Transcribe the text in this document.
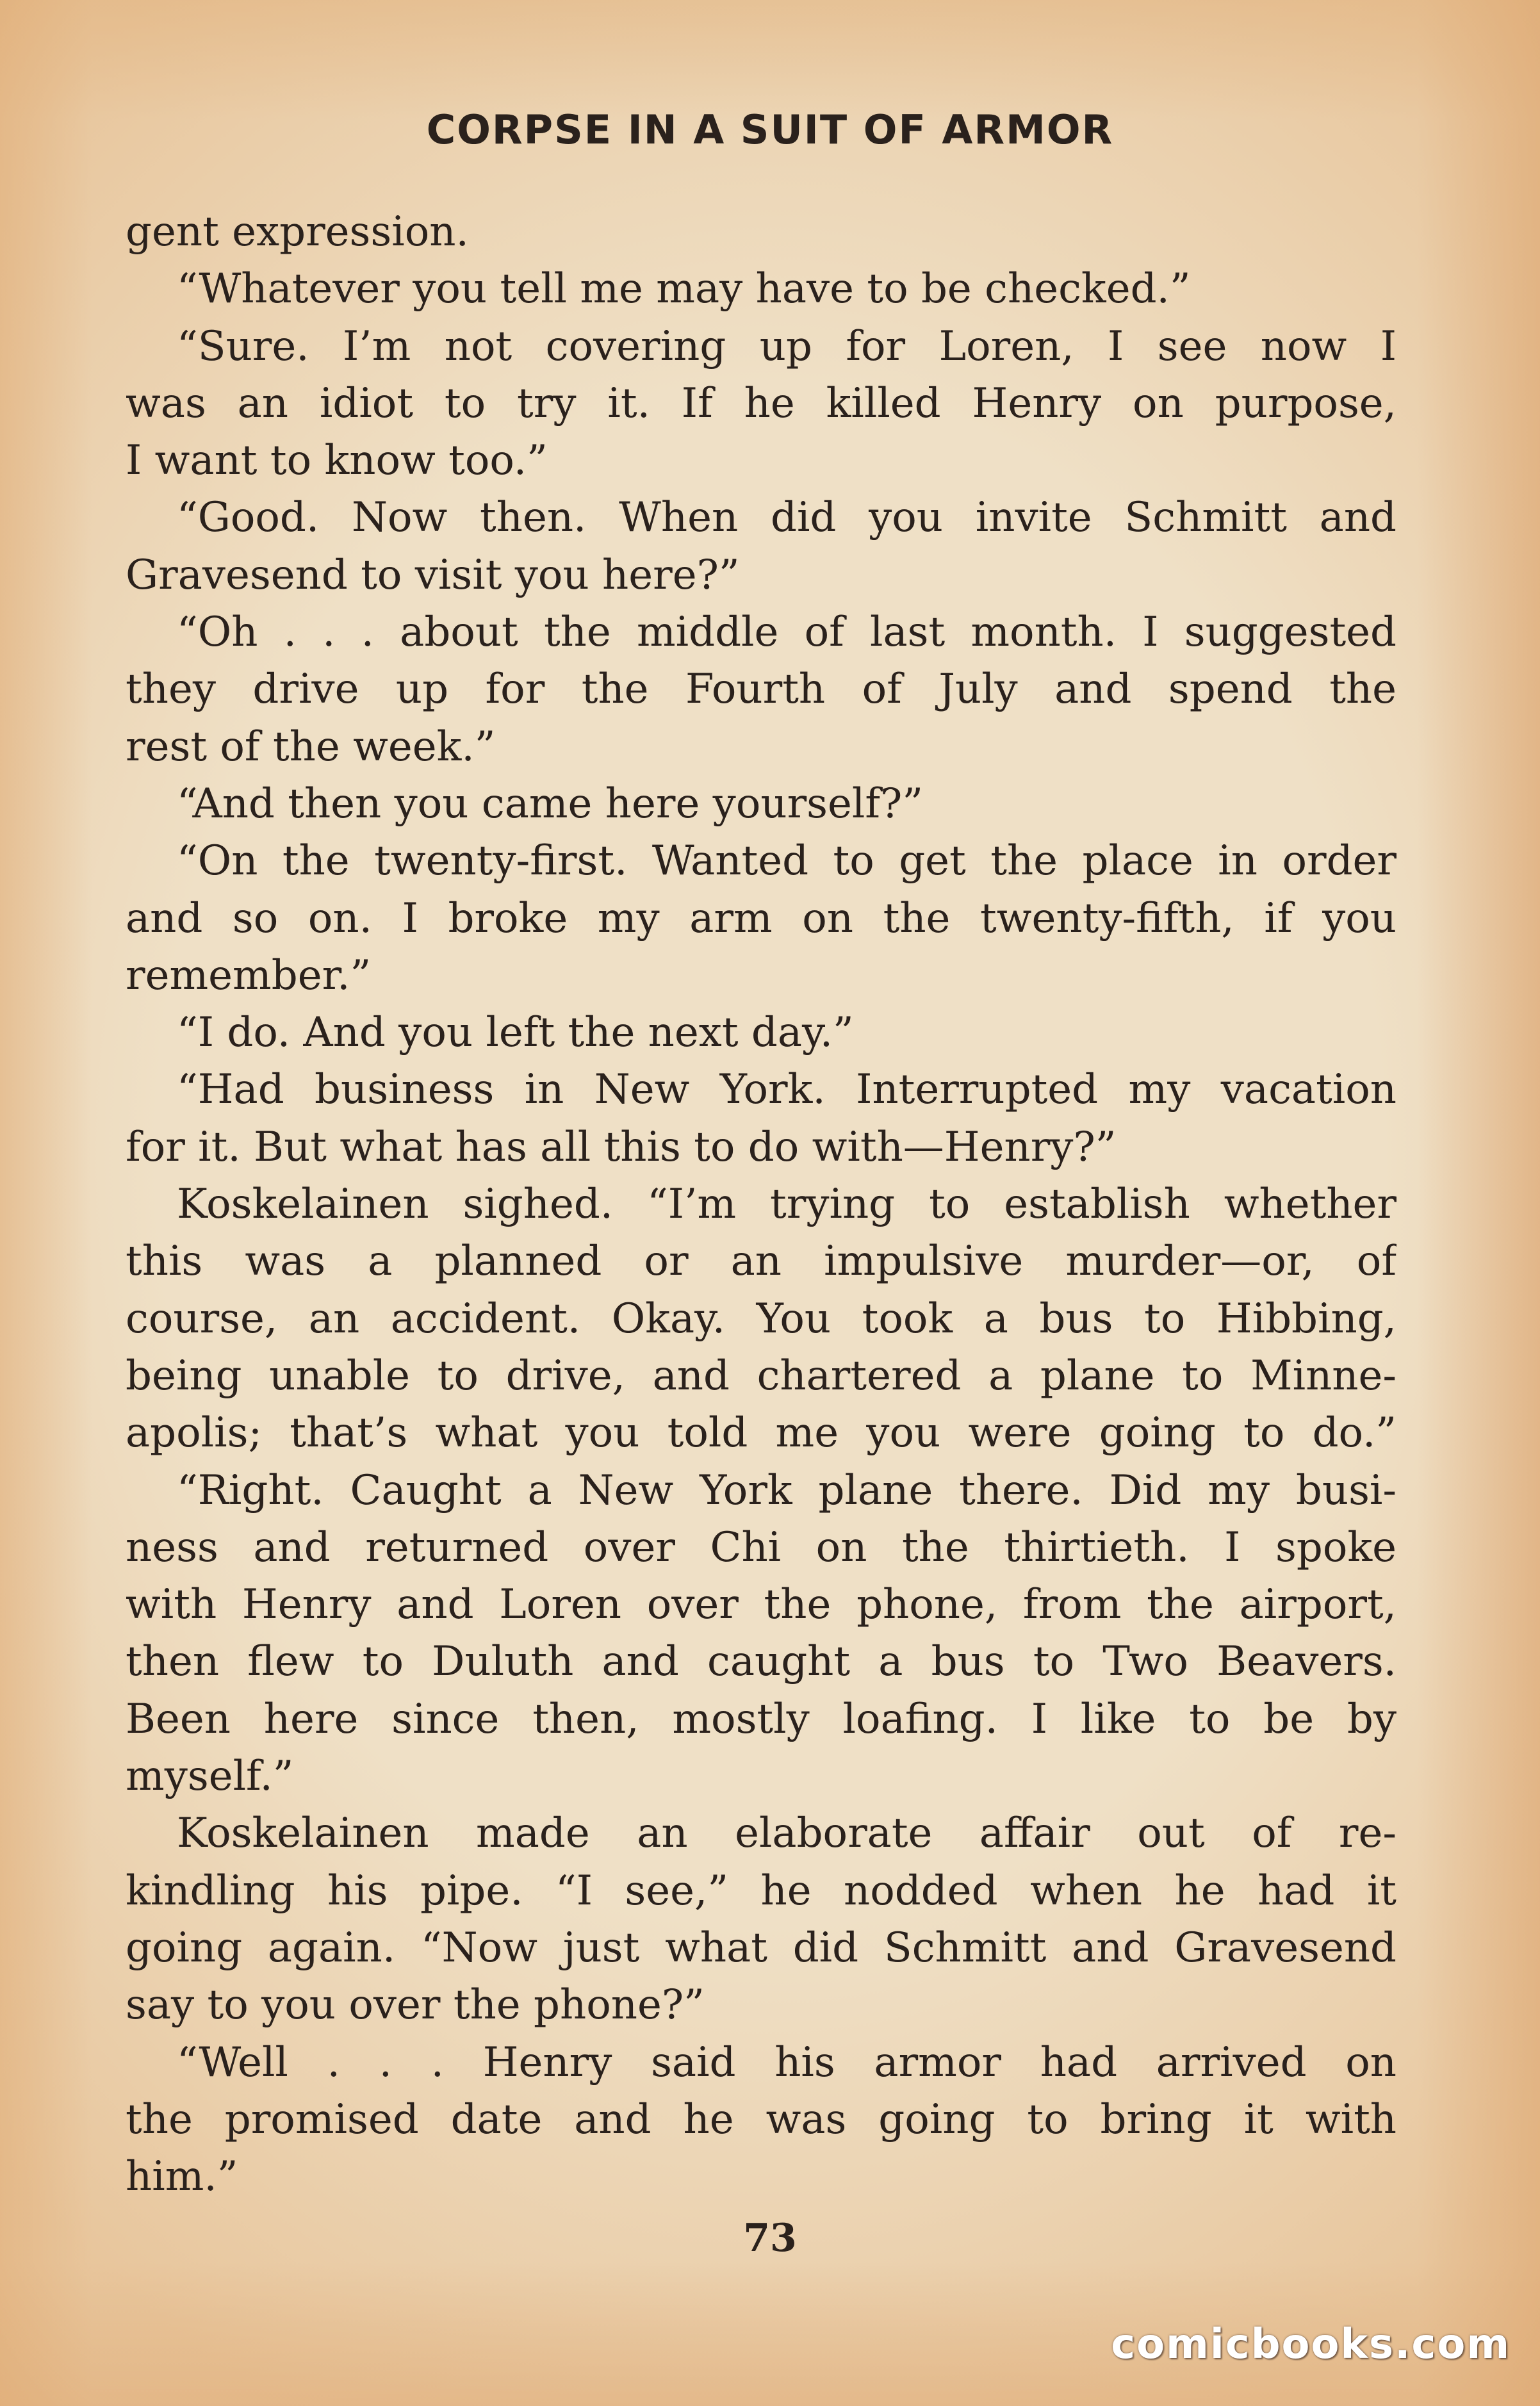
CORPSE IN A SUIT OF ARMOR
gent expression.
“Whatever you tell me may have to be checked.”
“Sure. I’m not covering up for Loren, I see now I
was an idiot to try it. If he killed Henry on purpose,
I want to know too.”
“Good. Now then. When did you invite Schmitt and
Gravesend to visit you here?”
“Oh . . . about the middle of last month. I suggested
they drive up for the Fourth of July and spend the
rest of the week.”
“And then you came here yourself?”
“On the twenty-first. Wanted to get the place in order
and so on. I broke my arm on the twenty-fifth, if you
remember.”
“I do. And you left the next day.”
“Had business in New York. Interrupted my vacation
for it. But what has all this to do with—Henry?”
Koskelainen sighed. “I’m trying to establish whether
this was a planned or an impulsive murder—or, of
course, an accident. Okay. You took a bus to Hibbing,
being unable to drive, and chartered a plane to Minne-
apolis; that’s what you told me you were going to do.”
“Right. Caught a New York plane there. Did my busi-
ness and returned over Chi on the thirtieth. I spoke
with Henry and Loren over the phone, from the airport,
then flew to Duluth and caught a bus to Two Beavers.
Been here since then, mostly loafing. I like to be by
myself.”
Koskelainen made an elaborate affair out of re-
kindling his pipe. “I see,” he nodded when he had it
going again. “Now just what did Schmitt and Gravesend
say to you over the phone?”
“Well . . . Henry said his armor had arrived on
the promised date and he was going to bring it with
him.”
73
comicbooks.com
